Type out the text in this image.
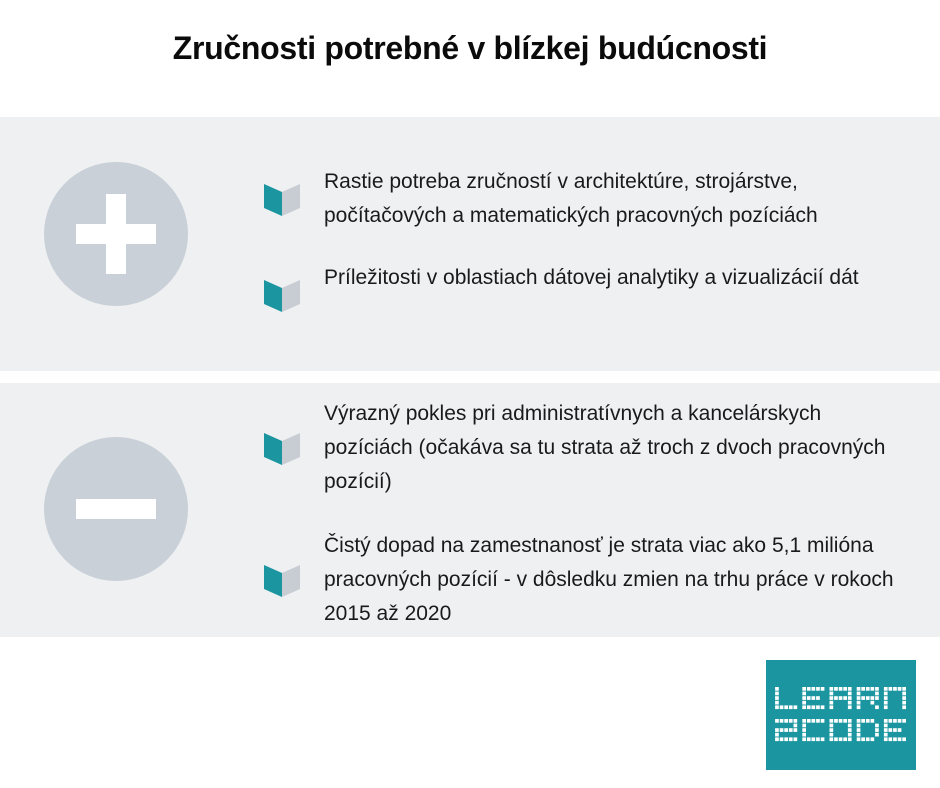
Zručnosti potrebné v blízkej budúcnosti
Rastie potreba zručností v architektúre, strojárstve, počítačových a matematických pracovných pozíciách
Príležitosti v oblastiach dátovej analytiky a vizualizácií dát
Výrazný pokles pri administratívnych a kancelárskych pozíciách (očakáva sa tu strata až troch z dvoch pracovných pozícií)
Čistý dopad na zamestnanosť je strata viac ako 5,1 milióna pracovných pozícií - v dôsledku zmien na trhu práce v rokoch 2015 až 2020
